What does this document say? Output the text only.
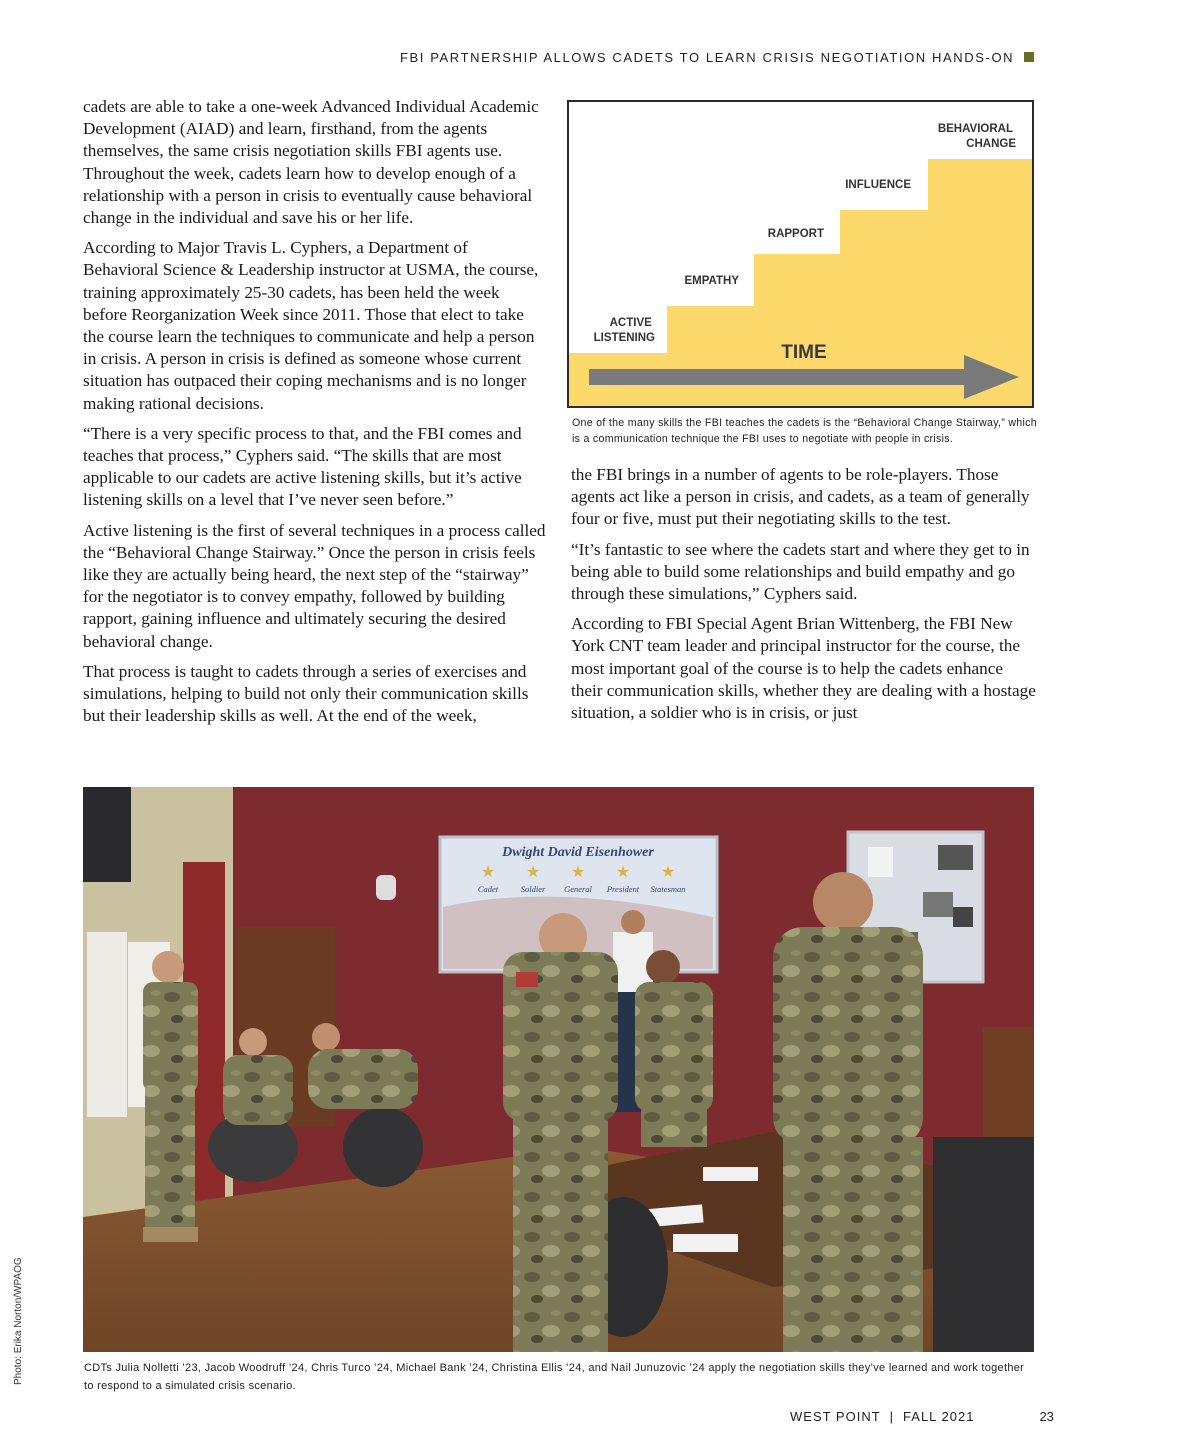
FBI PARTNERSHIP ALLOWS CADETS TO LEARN CRISIS NEGOTIATION HANDS-ON

cadets are able to take a one-week Advanced Individual Academic Development (AIAD) and learn, firsthand, from the agents themselves, the same crisis negotiation skills FBI agents use. Throughout the week, cadets learn how to develop enough of a relationship with a person in crisis to eventually cause behavioral change in the individual and save his or her life.

According to Major Travis L. Cyphers, a Department of Behavioral Science & Leadership instructor at USMA, the course, training approximately 25-30 cadets, has been held the week before Reorganization Week since 2011. Those that elect to take the course learn the techniques to communicate and help a person in crisis. A person in crisis is defined as someone whose current situation has outpaced their coping mechanisms and is no longer making rational decisions.

“There is a very specific process to that, and the FBI comes and teaches that process,” Cyphers said. “The skills that are most applicable to our cadets are active listening skills, but it’s active listening skills on a level that I’ve never seen before.”

Active listening is the first of several techniques in a process called the “Behavioral Change Stairway.” Once the person in crisis feels like they are actually being heard, the next step of the “stairway” for the negotiator is to convey empathy, followed by building rapport, gaining influence and ultimately securing the desired behavioral change.

That process is taught to cadets through a series of exercises and simulations, helping to build not only their communication skills but their leadership skills as well. At the end of the week,

ACTIVE LISTENING
EMPATHY
RAPPORT
INFLUENCE
BEHAVIORAL CHANGE
TIME
One of the many skills the FBI teaches the cadets is the “Behavioral Change Stairway,” which is a communication technique the FBI uses to negotiate with people in crisis.

the FBI brings in a number of agents to be role-players. Those agents act like a person in crisis, and cadets, as a team of generally four or five, must put their negotiating skills to the test.

“It’s fantastic to see where the cadets start and where they get to in being able to build some relationships and build empathy and go through these simulations,” Cyphers said.

According to FBI Special Agent Brian Wittenberg, the FBI New York CNT team leader and principal instructor for the course, the most important goal of the course is to help the cadets enhance their communication skills, whether they are dealing with a hostage situation, a soldier who is in crisis, or just

Dwight David Eisenhower
★ ★ ★ ★ ★
Cadet	Soldier General President Statesman
CDTs Julia Nolletti ’23, Jacob Woodruff ’24, Chris Turco ’24, Michael Bank ’24, Christina Ellis ’24, and Nail Junuzovic ’24 apply the negotiation skills they’ve learned and work together to respond to a simulated crisis scenario.
Photo: Erika Norton/WPAOG
WEST POINT | FALL 2021	23
